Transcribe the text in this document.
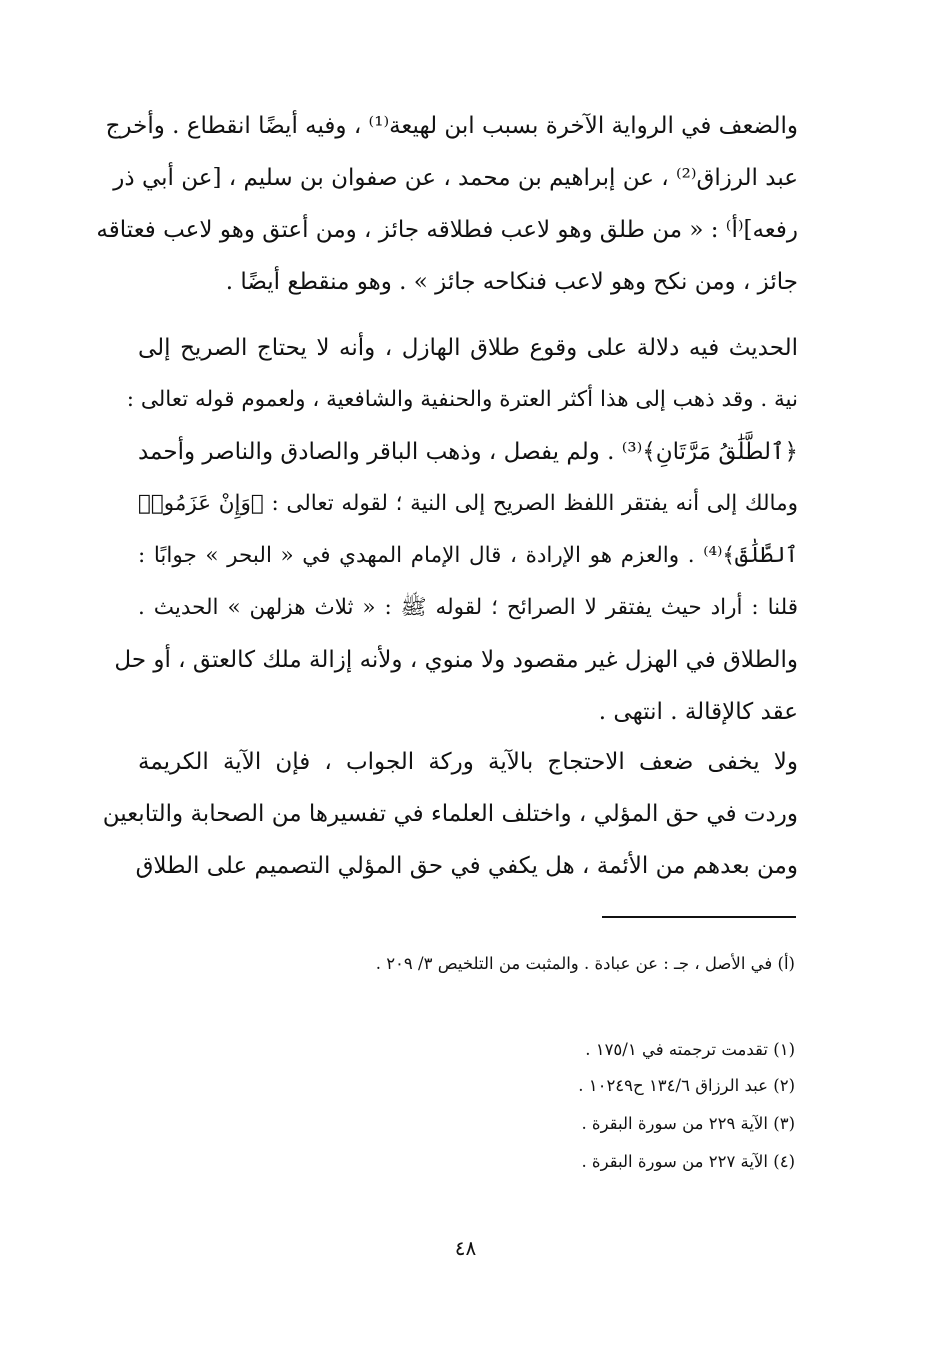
والضعف في الرواية الآخرة بسبب ابن لهيعة⁽¹⁾ ، وفيه أيضًا انقطاع . وأخرج
عبد الرزاق⁽²⁾ ، عن إبراهيم بن محمد ، عن صفوان بن سليم ، [عن أبي ذر
رفعه]⁽أ⁾ : « من طلق وهو لاعب فطلاقه جائز ، ومن أعتق وهو لاعب فعتاقه
جائز ، ومن نكح وهو لاعب فنكاحه جائز » . وهو منقطع أيضًا .
الحديث فيه دلالة على وقوع طلاق الهازل ، وأنه لا يحتاج الصريح إلى
نية . وقد ذهب إلى هذا أكثر العترة والحنفية والشافعية ، ولعموم قوله تعالى :
﴿ٱلطَّلَٰقُ مَرَّتَانِ﴾⁽³⁾ . ولم يفصل ، وذهب الباقر والصادق والناصر وأحمد
ومالك إلى أنه يفتقر اللفظ الصريح إلى النية ؛ لقوله تعالى : ﴿وَإِنْ عَزَمُوا۟
ٱلطَّلَٰقَ﴾⁽⁴⁾ . والعزم هو الإرادة ، قال الإمام المهدي في « البحر » جوابًا :
قلنا : أراد حيث يفتقر لا الصرائح ؛ لقوله ﷺ : « ثلاث هزلهن » الحديث .
والطلاق في الهزل غير مقصود ولا منوي ، ولأنه إزالة ملك كالعتق ، أو حل
عقد كالإقالة . انتهى .
ولا يخفى ضعف الاحتجاج بالآية وركة الجواب ، فإن الآية الكريمة
وردت في حق المؤلي ، واختلف العلماء في تفسيرها من الصحابة والتابعين
ومن بعدهم من الأئمة ، هل يكفي في حق المؤلي التصميم على الطلاق
(أ) في الأصل ، جـ : عن عبادة . والمثبت من التلخيص ٣/ ٢٠٩ .
(١) تقدمت ترجمته في ١٧٥/١ .
(٢) عبد الرزاق ١٣٤/٦ ح١٠٢٤٩ .
(٣) الآية ٢٢٩ من سورة البقرة .
(٤) الآية ٢٢٧ من سورة البقرة .
٤٨
